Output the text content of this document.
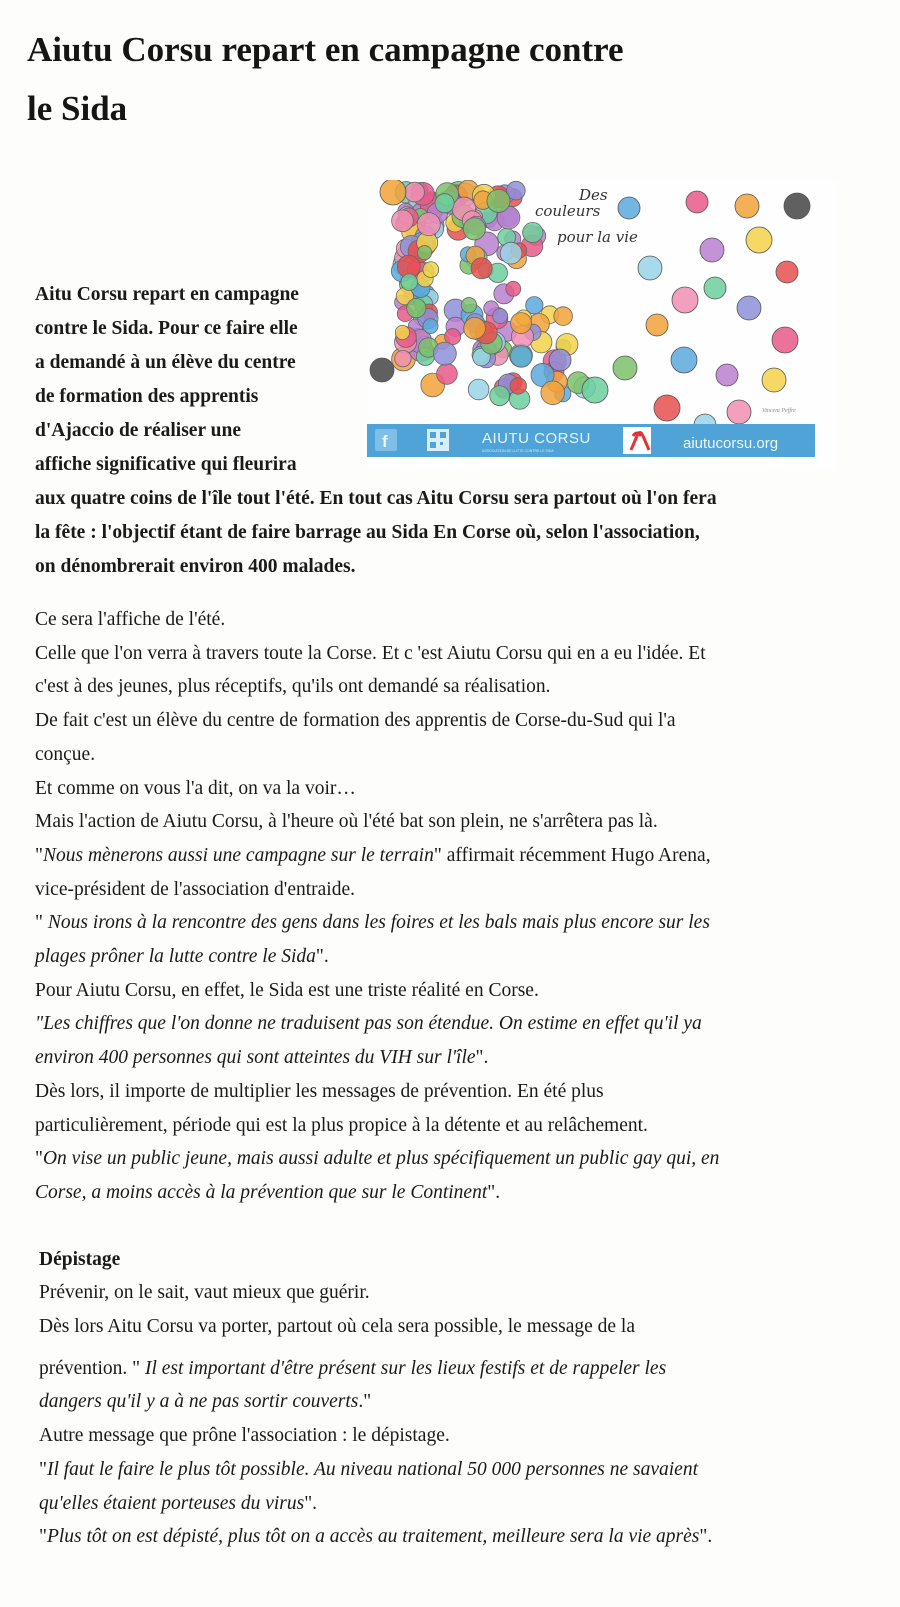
Aiutu Corsu repart en campagne contre
le Sida
Des
couleurs
pour la vie
Vincent Peffre
f	AIUTU CORSU
ASSOCIATION DE LUTTE CONTRE LE SIDA	aiutucorsu.org
Aitu Corsu repart en campagne
contre le Sida. Pour ce faire elle
a demandé à un élève du centre
de formation des apprentis
d'Ajaccio de réaliser une
affiche significative qui fleurira
aux quatre coins de l'île tout l'été. En tout cas Aitu Corsu sera partout où l'on fera
la fête : l'objectif étant de faire barrage au Sida En Corse où, selon l'association,
on dénombrerait environ 400 malades.
Ce sera l'affiche de l'été.
Celle que l'on verra à travers toute la Corse. Et c 'est Aiutu Corsu qui en a eu l'idée. Et
c'est à des jeunes, plus réceptifs, qu'ils ont demandé sa réalisation.
De fait c'est un élève du centre de formation des apprentis de Corse-du-Sud qui l'a
conçue.
Et comme on vous l'a dit, on va la voir…
Mais l'action de Aiutu Corsu, à l'heure où l'été bat son plein, ne s'arrêtera pas là.
"Nous mènerons aussi une campagne sur le terrain" affirmait récemment Hugo Arena,
vice-président de l'association d'entraide.
" Nous irons à la rencontre des gens dans les foires et les bals mais plus encore sur les
plages prôner la lutte contre le Sida".
Pour Aiutu Corsu, en effet, le Sida est une triste réalité en Corse.
"Les chiffres que l'on donne ne traduisent pas son étendue. On estime en effet qu'il ya
environ 400 personnes qui sont atteintes du VIH sur l'île".
Dès lors, il importe de multiplier les messages de prévention. En été plus
particulièrement, période qui est la plus propice à la détente et au relâchement.
"On vise un public jeune, mais aussi adulte et plus spécifiquement un public gay qui, en
Corse, a moins accès à la prévention que sur le Continent".
Dépistage
Prévenir, on le sait, vaut mieux que guérir.
Dès lors Aitu Corsu va porter, partout où cela sera possible, le message de la
prévention. " Il est important d'être présent sur les lieux festifs et de rappeler les
dangers qu'il y a à ne pas sortir couverts."
Autre message que prône l'association : le dépistage.
"Il faut le faire le plus tôt possible. Au niveau national 50 000 personnes ne savaient
qu'elles étaient porteuses du virus".
"Plus tôt on est dépisté, plus tôt on a accès au traitement, meilleure sera la vie après".
